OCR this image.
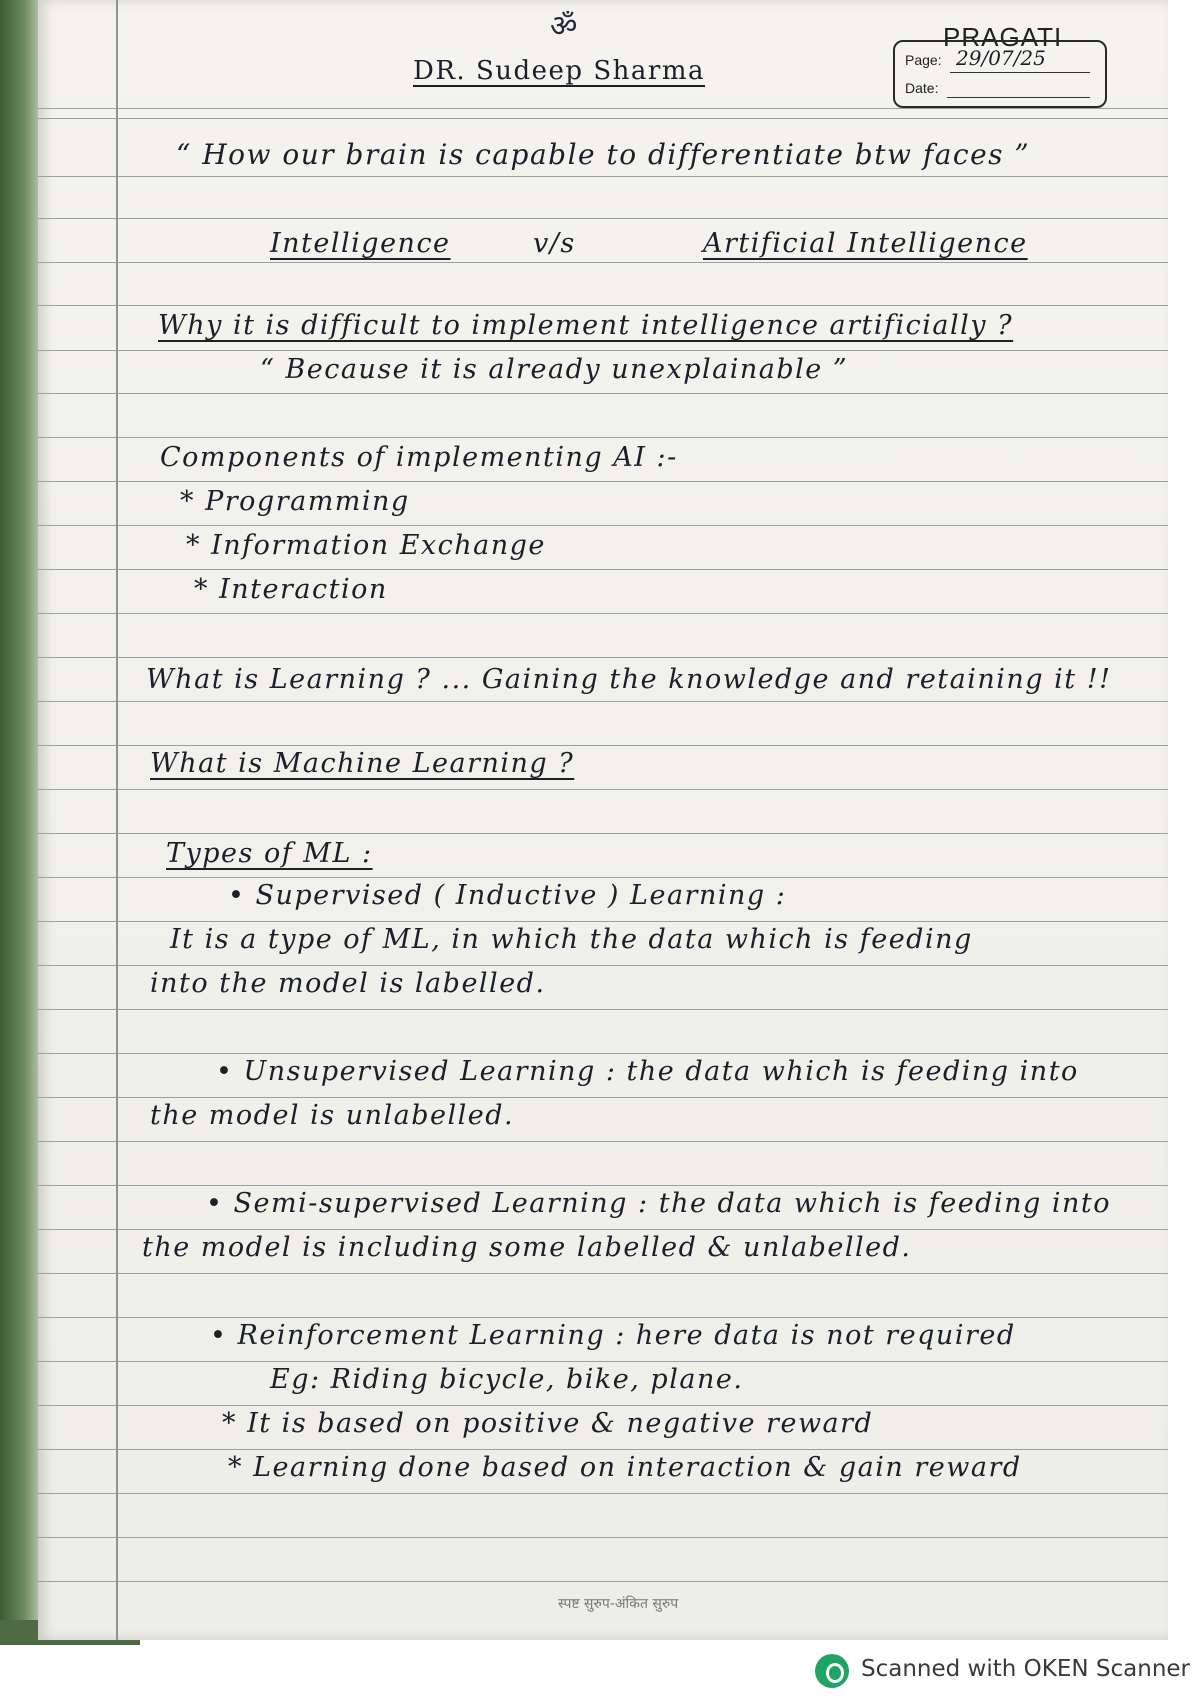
ॐ
DR. Sudeep Sharma
PRAGATI
Page:
Date:
29/07/25
“ How our brain is capable to differentiate btw faces ”
Intelligence	v/s	Artificial Intelligence
Why it is difficult to implement intelligence artificially ?
“ Because it is already unexplainable ”
Components of implementing AI :-
* Programming
* Information Exchange
* Interaction
What is Learning ? ... Gaining the knowledge and retaining it !!
What is Machine Learning ?
Types of ML :
• Supervised ( Inductive ) Learning :
It is a type of ML, in which the data which is feeding
into the model is labelled.
• Unsupervised Learning : the data which is feeding into
the model is unlabelled.
• Semi-supervised Learning : the data which is feeding into
the model is including some labelled & unlabelled.
• Reinforcement Learning : here data is not required
Eg: Riding bicycle, bike, plane.
* It is based on positive & negative reward
* Learning done based on interaction & gain reward
स्पष्ट सुरुप-अंकित सुरुप
Scanned with OKEN Scanner
